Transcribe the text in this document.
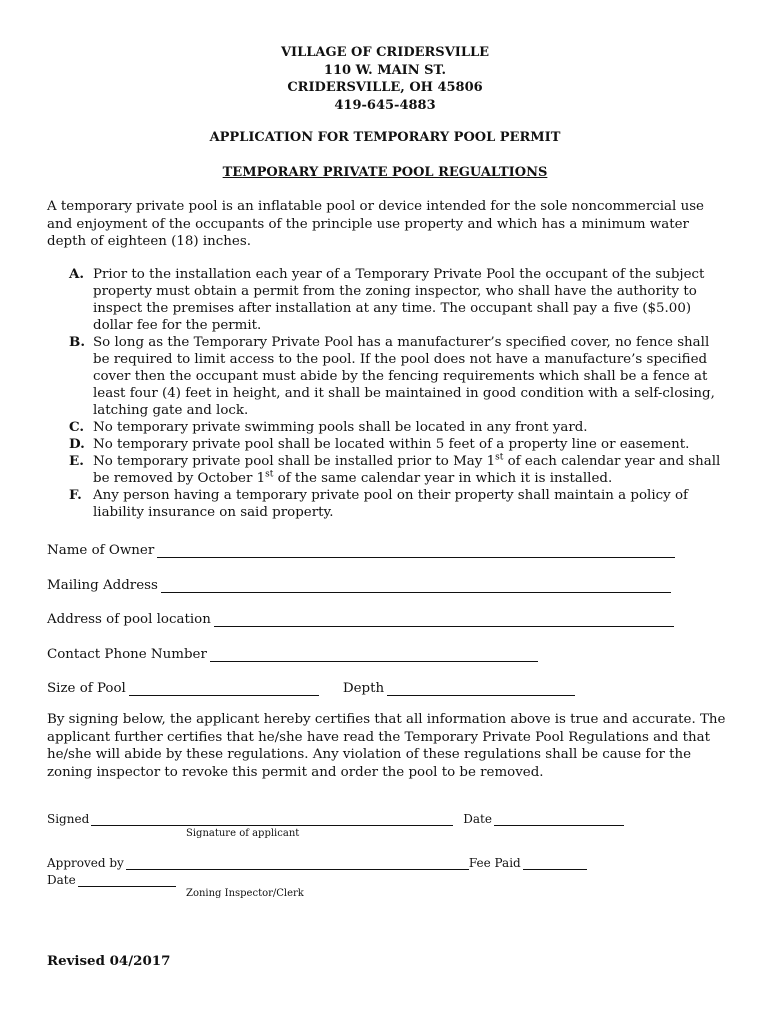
VILLAGE OF CRIDERSVILLE
110 W. MAIN ST.
CRIDERSVILLE, OH 45806
419-645-4883
APPLICATION FOR TEMPORARY POOL PERMIT
TEMPORARY PRIVATE POOL REGUALTIONS
A temporary private pool is an inflatable pool or device intended for the sole noncommercial use and enjoyment of the occupants of the principle use property and which has a minimum water depth of eighteen (18) inches.
A. Prior to the installation each year of a Temporary Private Pool the occupant of the subject property must obtain a permit from the zoning inspector, who shall have the authority to inspect the premises after installation at any time. The occupant shall pay a five ($5.00) dollar fee for the permit.
B. So long as the Temporary Private Pool has a manufacturer’s specified cover, no fence shall be required to limit access to the pool. If the pool does not have a manufacture’s specified cover then the occupant must abide by the fencing requirements which shall be a fence at least four (4) feet in height, and it shall be maintained in good condition with a self-closing, latching gate and lock.
C. No temporary private swimming pools shall be located in any front yard.
D. No temporary private pool shall be located within 5 feet of a property line or easement.
E. No temporary private pool shall be installed prior to May 1st of each calendar year and shall be removed by October 1st of the same calendar year in which it is installed.
F. Any person having a temporary private pool on their property shall maintain a policy of liability insurance on said property.
Name of Owner
Mailing Address
Address of pool location
Contact Phone Number
Size of Pool	Depth
By signing below, the applicant hereby certifies that all information above is true and accurate. The applicant further certifies that he/she have read the Temporary Private Pool Regulations and that he/she will abide by these regulations. Any violation of these regulations shall be cause for the zoning inspector to revoke this permit and order the pool to be removed.
Signed	Date
Signature of applicant
Approved by	Fee Paid
Date
Zoning Inspector/Clerk
Revised 04/2017
